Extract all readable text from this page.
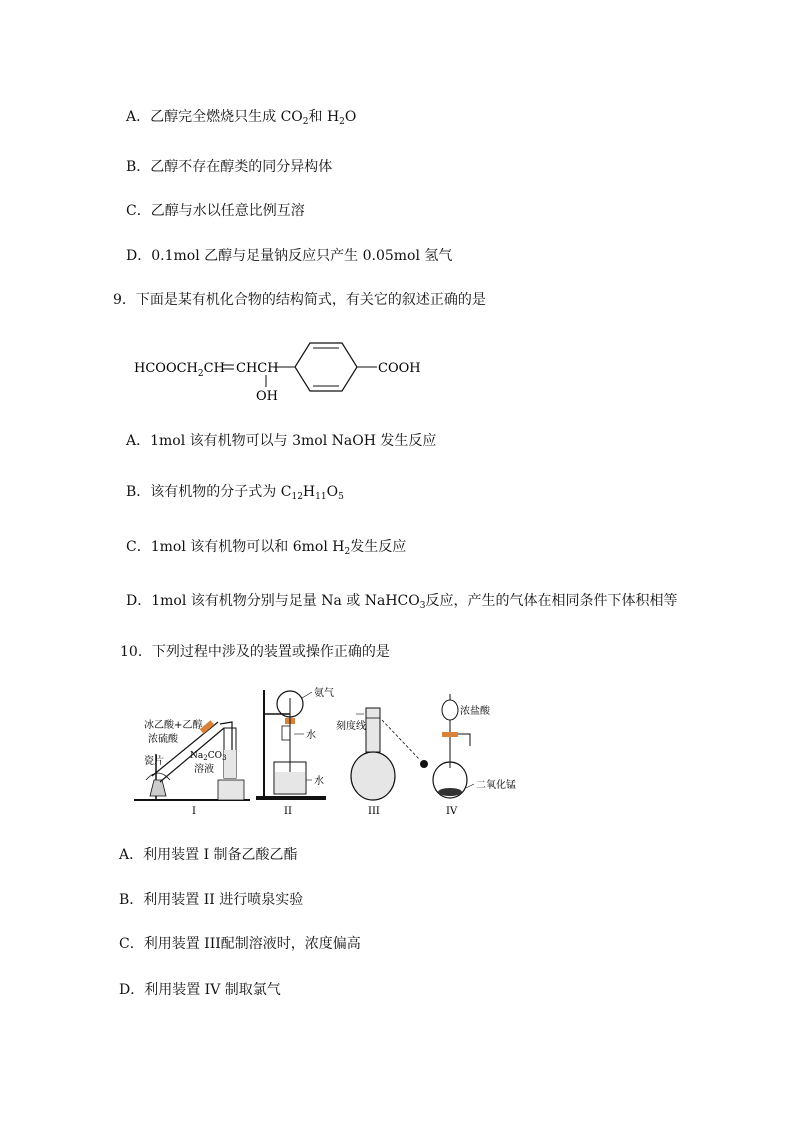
A．乙醇完全燃烧只生成 $CO_2$和 $H_2O$
B．乙醇不存在醇类的同分异构体
C．乙醇与水以任意比例互溶
D．0.1mol 乙醇与足量钠反应只产生 0.05mol 氢气
9．下面是某有机化合物的结构简式，有关它的叙述正确的是
$HCOOCH_2CH$ CHCH
OH
COOH
A．1mol 该有机物可以与 3mol NaOH 发生反应
B．该有机物的分子式为 $C_{12}H_{11}O_5$
C．1mol 该有机物可以和 6mol $H_2$发生反应
D．1mol 该有机物分别与足量 Na 或 NaHCO$_3$反应，产生的气体在相同条件下体积相等
10．下列过程中涉及的装置或操作正确的是
冰乙酸+乙醇
浓硫酸
瓷片	$Na_2CO_3$
溶液
I
氨气
水
水
II
刻度线
III
浓盐酸
二氧化锰
IV
A．利用装置 I 制备乙酸乙酯
B．利用装置 II 进行喷泉实验
C．利用装置 III配制溶液时，浓度偏高
D．利用装置 IV 制取氯气
